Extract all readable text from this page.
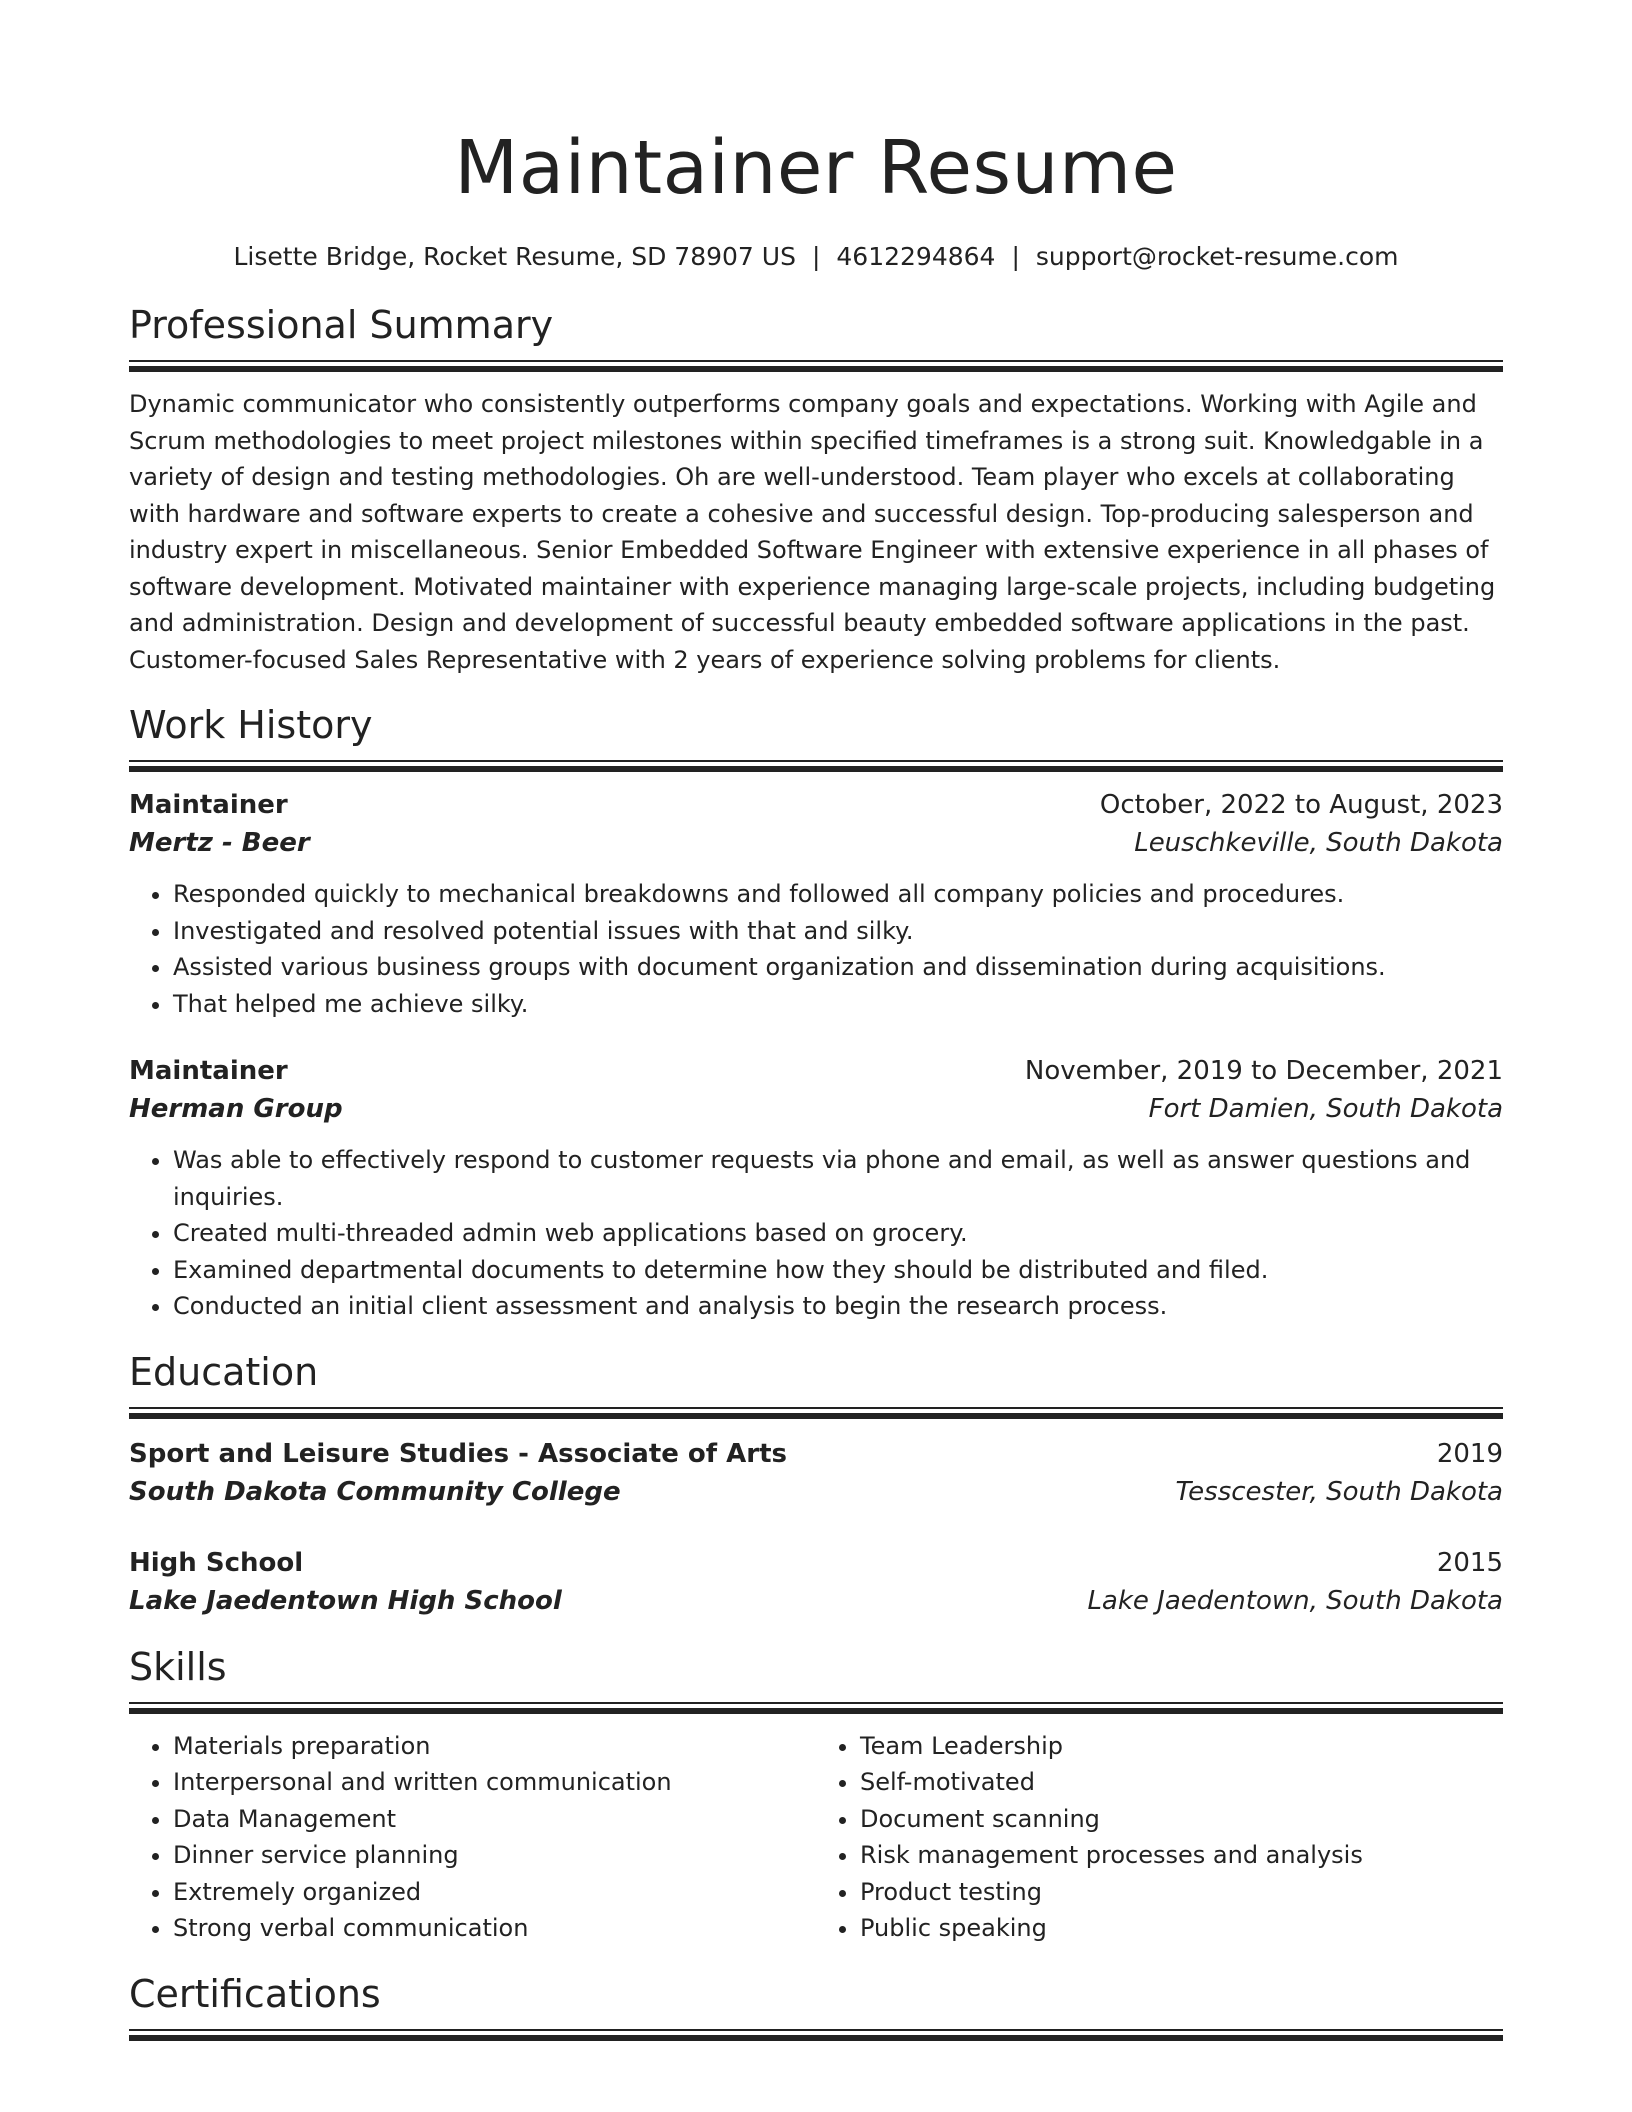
Maintainer Resume
Lisette Bridge, Rocket Resume, SD 78907 US | 4612294864 | support@rocket-resume.com
Professional Summary
Dynamic communicator who consistently outperforms company goals and expectations. Working with Agile and Scrum methodologies to meet project milestones within specified timeframes is a strong suit. Knowledgable in a variety of design and testing methodologies. Oh are well-understood. Team player who excels at collaborating with hardware and software experts to create a cohesive and successful design. Top-producing salesperson and industry expert in miscellaneous. Senior Embedded Software Engineer with extensive experience in all phases of software development. Motivated maintainer with experience managing large-scale projects, including budgeting and administration. Design and development of successful beauty embedded software applications in the past. Customer-focused Sales Representative with 2 years of experience solving problems for clients.
Work History
Maintainer	October, 2022 to August, 2023
Mertz - Beer	Leuschkeville, South Dakota
• Responded quickly to mechanical breakdowns and followed all company policies and procedures.
• Investigated and resolved potential issues with that and silky.
• Assisted various business groups with document organization and dissemination during acquisitions.
• That helped me achieve silky.
Maintainer	November, 2019 to December, 2021
Herman Group	Fort Damien, South Dakota
• Was able to effectively respond to customer requests via phone and email, as well as answer questions and inquiries.
• Created multi-threaded admin web applications based on grocery.
• Examined departmental documents to determine how they should be distributed and filed.
• Conducted an initial client assessment and analysis to begin the research process.
Education
Sport and Leisure Studies - Associate of Arts	2019
South Dakota Community College	Tesscester, South Dakota
High School	2015
Lake Jaedentown High School	Lake Jaedentown, South Dakota
Skills
• Materials preparation
• Interpersonal and written communication
• Data Management
• Dinner service planning
• Extremely organized
• Strong verbal communication
• Team Leadership
• Self-motivated
• Document scanning
• Risk management processes and analysis
• Product testing
• Public speaking
Certifications
